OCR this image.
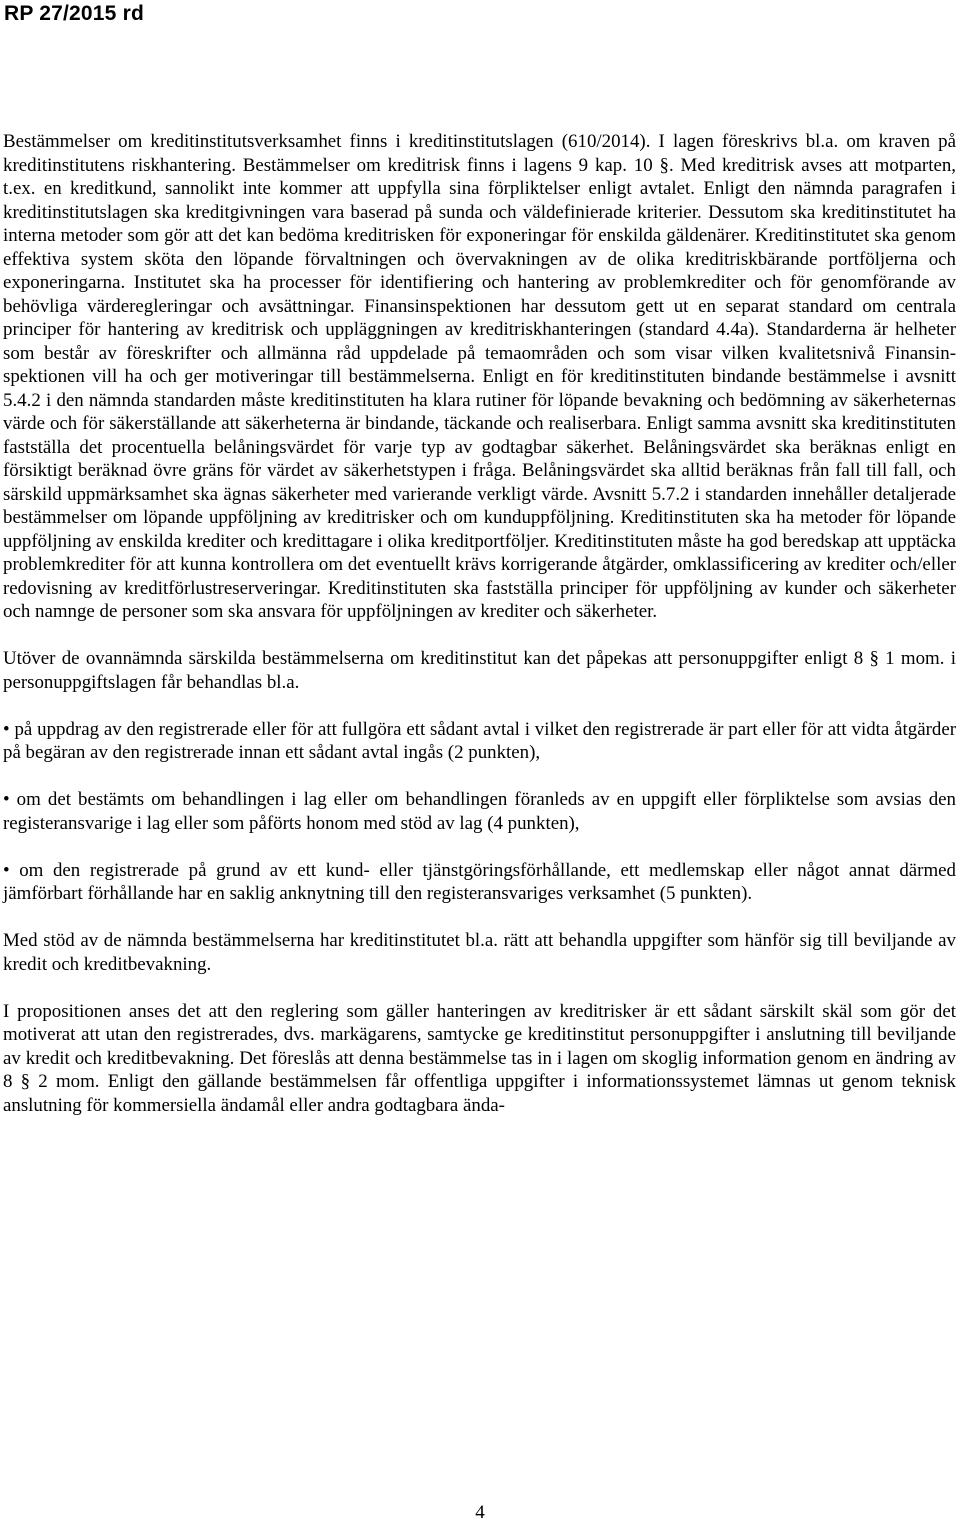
RP 27/2015 rd

Bestämmelser om kreditinstitutsverksamhet finns i kreditinstitutslagen (610/2014). I lagen föreskrivs bl.a. om kraven på kreditinstitutens riskhantering. Bestämmelser om kreditrisk finns i lagens 9 kap. 10 §. Med kreditrisk avses att motparten, t.ex. en kreditkund, sannolikt inte kommer att uppfylla sina förpliktelser enligt avtalet. Enligt den nämnda paragrafen i kreditinstitutslagen ska kreditgivningen vara baserad på sunda och väldefinierade kriterier. Dessutom ska kreditinstitutet ha interna metoder som gör att det kan bedöma kreditrisken för exponeringar för enskilda gäldenärer. Kreditinstitutet ska genom effektiva system sköta den löpande förvaltningen och övervakningen av de olika kreditriskbärande portföljerna och exponeringarna. Institutet ska ha processer för identifiering och hantering av problemkrediter och för genomförande av behövliga värderegleringar och avsättningar. Finansinspektionen har dessutom gett ut en separat standard om centrala principer för hantering av kreditrisk och uppläggningen av kreditriskhanteringen (standard 4.4a). Standarderna är helheter som består av föreskrifter och allmänna råd uppdelade på temaområden och som visar vilken kvalitetsnivå Finansinspektionen vill ha och ger motiveringar till bestämmelserna. Enligt en för kreditinstituten bindande bestämmelse i avsnitt 5.4.2 i den nämnda standarden måste kreditinstituten ha klara rutiner för löpande bevakning och bedömning av säkerheternas värde och för säkerställande att säkerheterna är bindande, täckande och realiserbara. Enligt samma avsnitt ska kreditinstituten fastställa det procentuella belåningsvärdet för varje typ av godtagbar säkerhet. Belåningsvärdet ska beräknas enligt en försiktigt beräknad övre gräns för värdet av säkerhetstypen i fråga. Belåningsvärdet ska alltid beräknas från fall till fall, och särskild uppmärksamhet ska ägnas säkerheter med varierande verkligt värde. Avsnitt 5.7.2 i standarden innehåller detaljerade bestämmelser om löpande uppföljning av kreditrisker och om kunduppföljning. Kreditinstituten ska ha metoder för löpande uppföljning av enskilda krediter och kredittagare i olika kreditportföljer. Kreditinstituten måste ha god beredskap att upptäcka problemkrediter för att kunna kontrollera om det eventuellt krävs korrigerande åtgärder, omklassificering av krediter och/eller redovisning av kreditförlustreserveringar. Kreditinstituten ska fastställa principer för uppföljning av kunder och säkerheter och namnge de personer som ska ansvara för uppföljningen av krediter och säkerheter.

Utöver de ovannämnda särskilda bestämmelserna om kreditinstitut kan det påpekas att personuppgifter enligt 8 § 1 mom. i personuppgiftslagen får behandlas bl.a.

• på uppdrag av den registrerade eller för att fullgöra ett sådant avtal i vilket den registrerade är part eller för att vidta åtgärder på begäran av den registrerade innan ett sådant avtal ingås (2 punkten),

• om det bestämts om behandlingen i lag eller om behandlingen föranleds av en uppgift eller förpliktelse som avsias den registeransvarige i lag eller som påförts honom med stöd av lag (4 punkten),

• om den registrerade på grund av ett kund- eller tjänstgöringsförhållande, ett medlemskap eller något annat därmed jämförbart förhållande har en saklig anknytning till den registeransvariges verksamhet (5 punkten).

Med stöd av de nämnda bestämmelserna har kreditinstitutet bl.a. rätt att behandla uppgifter som hänför sig till beviljande av kredit och kreditbevakning.

I propositionen anses det att den reglering som gäller hanteringen av kreditrisker är ett sådant särskilt skäl som gör det motiverat att utan den registrerades, dvs. markägarens, samtycke ge kreditinstitut personuppgifter i anslutning till beviljande av kredit och kreditbevakning. Det föreslås att denna bestämmelse tas in i lagen om skoglig information genom en ändring av 8 § 2 mom. Enligt den gällande bestämmelsen får offentliga uppgifter i informationssystemet lämnas ut genom teknisk anslutning för kommersiella ändamål eller andra godtagbara ända-

4
